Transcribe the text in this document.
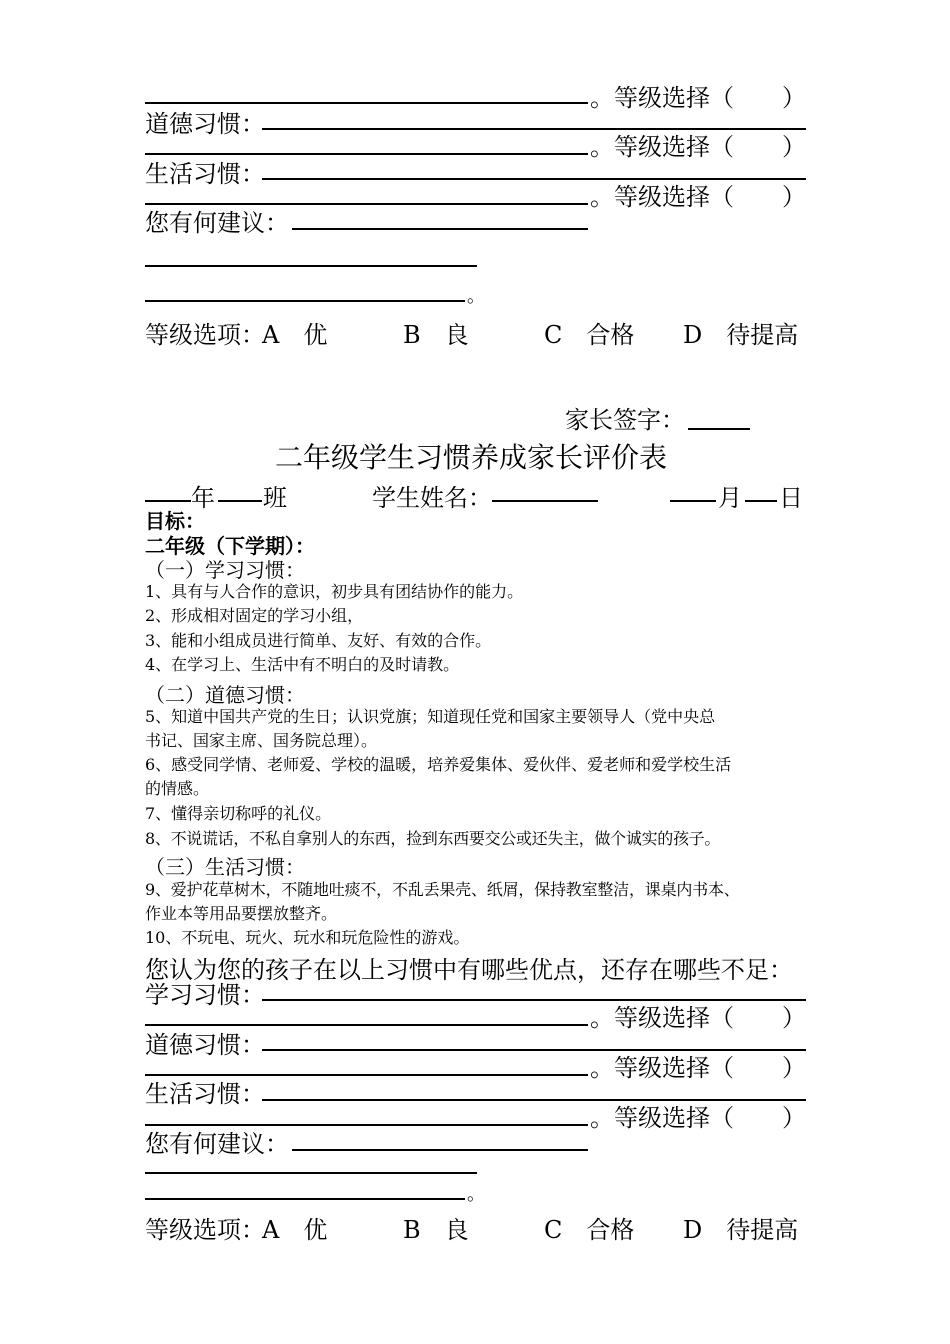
。等级选择（　　）
道德习惯：
。等级选择（　　）
生活习惯：
。等级选择（　　）
您有何建议：
。
等级选项：
A　优	B　良	C　合格 D　待提高
家长签字：
二年级学生习惯养成家长评价表
年 班	学生姓名：	月 日
目标：
二年级（下学期）：
（一）学习习惯：
1、具有与人合作的意识，初步具有团结协作的能力。
2、形成相对固定的学习小组，
3、能和小组成员进行简单、友好、有效的合作。
4、在学习上、生活中有不明白的及时请教。
（二）道德习惯：
5、知道中国共产党的生日；认识党旗；知道现任党和国家主要领导人（党中央总
书记、国家主席、国务院总理）。
6、感受同学情、老师爱、学校的温暖，培养爱集体、爱伙伴、爱老师和爱学校生活
的情感。
7、懂得亲切称呼的礼仪。
8、不说谎话，不私自拿别人的东西，捡到东西要交公或还失主，做个诚实的孩子。
（三）生活习惯：
9、爱护花草树木，不随地吐痰不，不乱丢果壳、纸屑，保持教室整洁，课桌内书本、
作业本等用品要摆放整齐。
10、不玩电、玩火、玩水和玩危险性的游戏。
您认为您的孩子在以上习惯中有哪些优点，还存在哪些不足：
学习习惯：
。等级选择（　　）
道德习惯：
。等级选择（　　）
生活习惯：
。等级选择（　　）
您有何建议：
。
等级选项：
A　优	B　良	C　合格 D　待提高
